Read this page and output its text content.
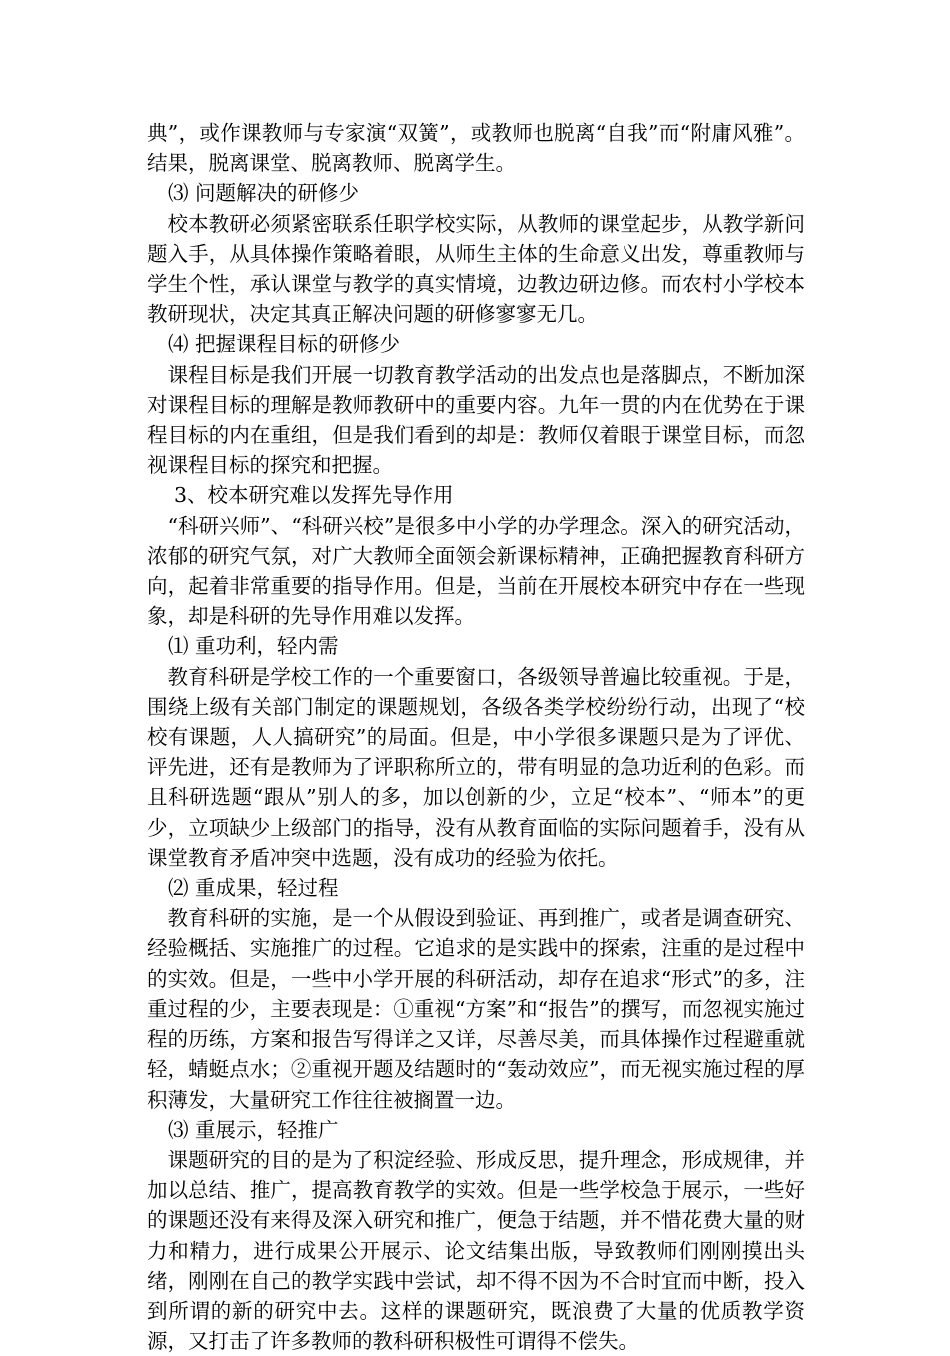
典”，或作课教师与专家演“双簧”，或教师也脱离“自我”而“附庸风雅”。结果，脱离课堂、脱离教师、脱离学生。

⑶ 问题解决的研修少

校本教研必须紧密联系任职学校实际，从教师的课堂起步，从教学新问题入手，从具体操作策略着眼，从师生主体的生命意义出发，尊重教师与学生个性，承认课堂与教学的真实情境，边教边研边修。而农村小学校本教研现状，决定其真正解决问题的研修寥寥无几。

⑷ 把握课程目标的研修少

课程目标是我们开展一切教育教学活动的出发点也是落脚点，不断加深对课程目标的理解是教师教研中的重要内容。九年一贯的内在优势在于课程目标的内在重组，但是我们看到的却是：教师仅着眼于课堂目标，而忽视课程目标的探究和把握。

3、校本研究难以发挥先导作用

“科研兴师”、“科研兴校”是很多中小学的办学理念。深入的研究活动，浓郁的研究气氛，对广大教师全面领会新课标精神，正确把握教育科研方向，起着非常重要的指导作用。但是，当前在开展校本研究中存在一些现象，却是科研的先导作用难以发挥。

⑴ 重功利，轻内需

教育科研是学校工作的一个重要窗口，各级领导普遍比较重视。于是，围绕上级有关部门制定的课题规划，各级各类学校纷纷行动，出现了“校校有课题，人人搞研究”的局面。但是，中小学很多课题只是为了评优、评先进，还有是教师为了评职称所立的，带有明显的急功近利的色彩。而且科研选题“跟从”别人的多，加以创新的少，立足“校本”、“师本”的更少，立项缺少上级部门的指导，没有从教育面临的实际问题着手，没有从课堂教育矛盾冲突中选题，没有成功的经验为依托。

⑵ 重成果，轻过程

教育科研的实施，是一个从假设到验证、再到推广，或者是调查研究、经验概括、实施推广的过程。它追求的是实践中的探索，注重的是过程中的实效。但是，一些中小学开展的科研活动，却存在追求“形式”的多，注重过程的少，主要表现是：①重视“方案”和“报告”的撰写，而忽视实施过程的历练，方案和报告写得详之又详，尽善尽美，而具体操作过程避重就轻，蜻蜓点水；②重视开题及结题时的“轰动效应”，而无视实施过程的厚积薄发，大量研究工作往往被搁置一边。

⑶ 重展示，轻推广

课题研究的目的是为了积淀经验、形成反思，提升理念，形成规律，并加以总结、推广，提高教育教学的实效。但是一些学校急于展示，一些好的课题还没有来得及深入研究和推广，便急于结题，并不惜花费大量的财力和精力，进行成果公开展示、论文结集出版，导致教师们刚刚摸出头绪，刚刚在自己的教学实践中尝试，却不得不因为不合时宜而中断，投入到所谓的新的研究中去。这样的课题研究，既浪费了大量的优质教学资源，又打击了许多教师的教科研积极性可谓得不偿失。
